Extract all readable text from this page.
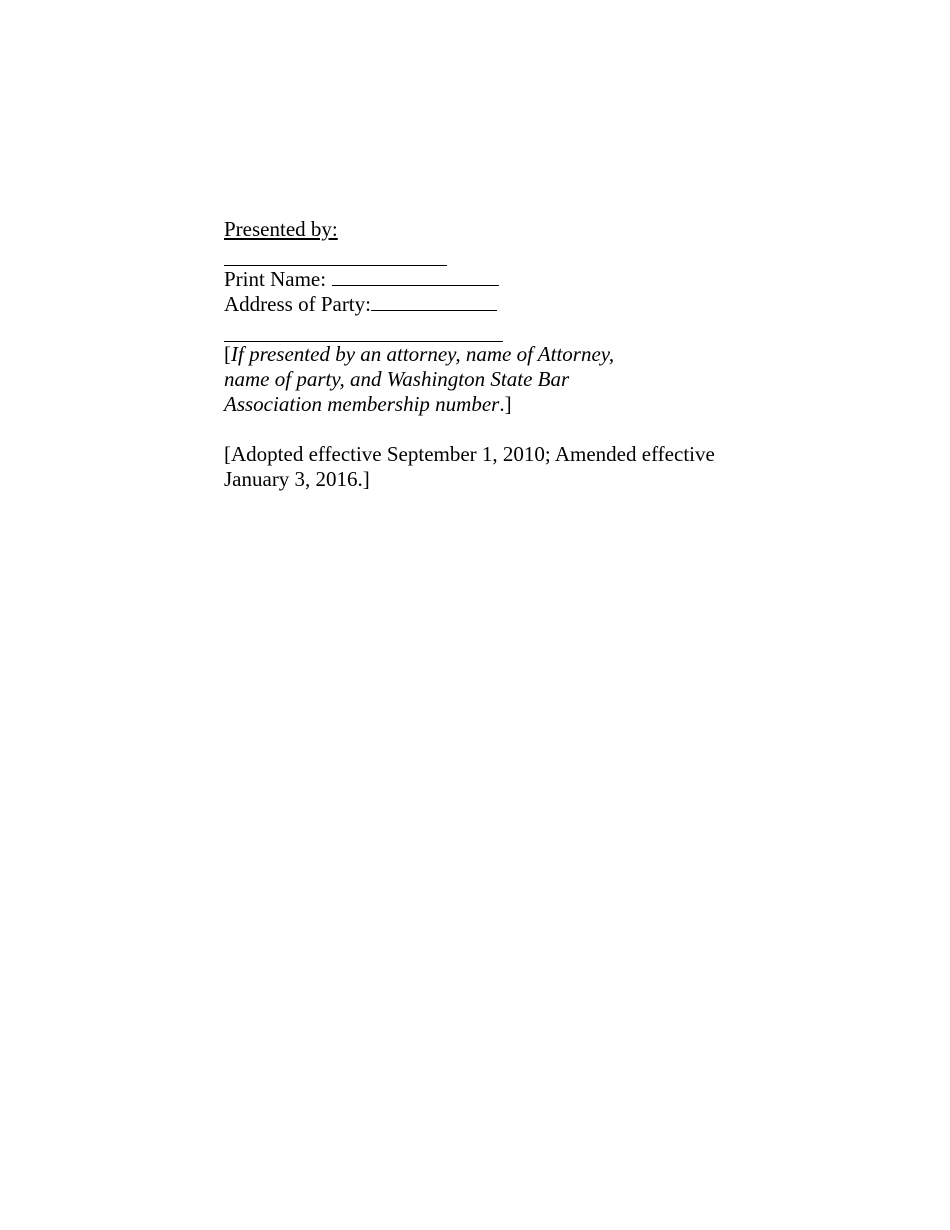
Presented by:
Print Name:
Address of Party:
[If presented by an attorney, name of Attorney, name of party, and Washington State Bar Association membership number.]
[Adopted effective September 1, 2010; Amended effective January 3, 2016.]
